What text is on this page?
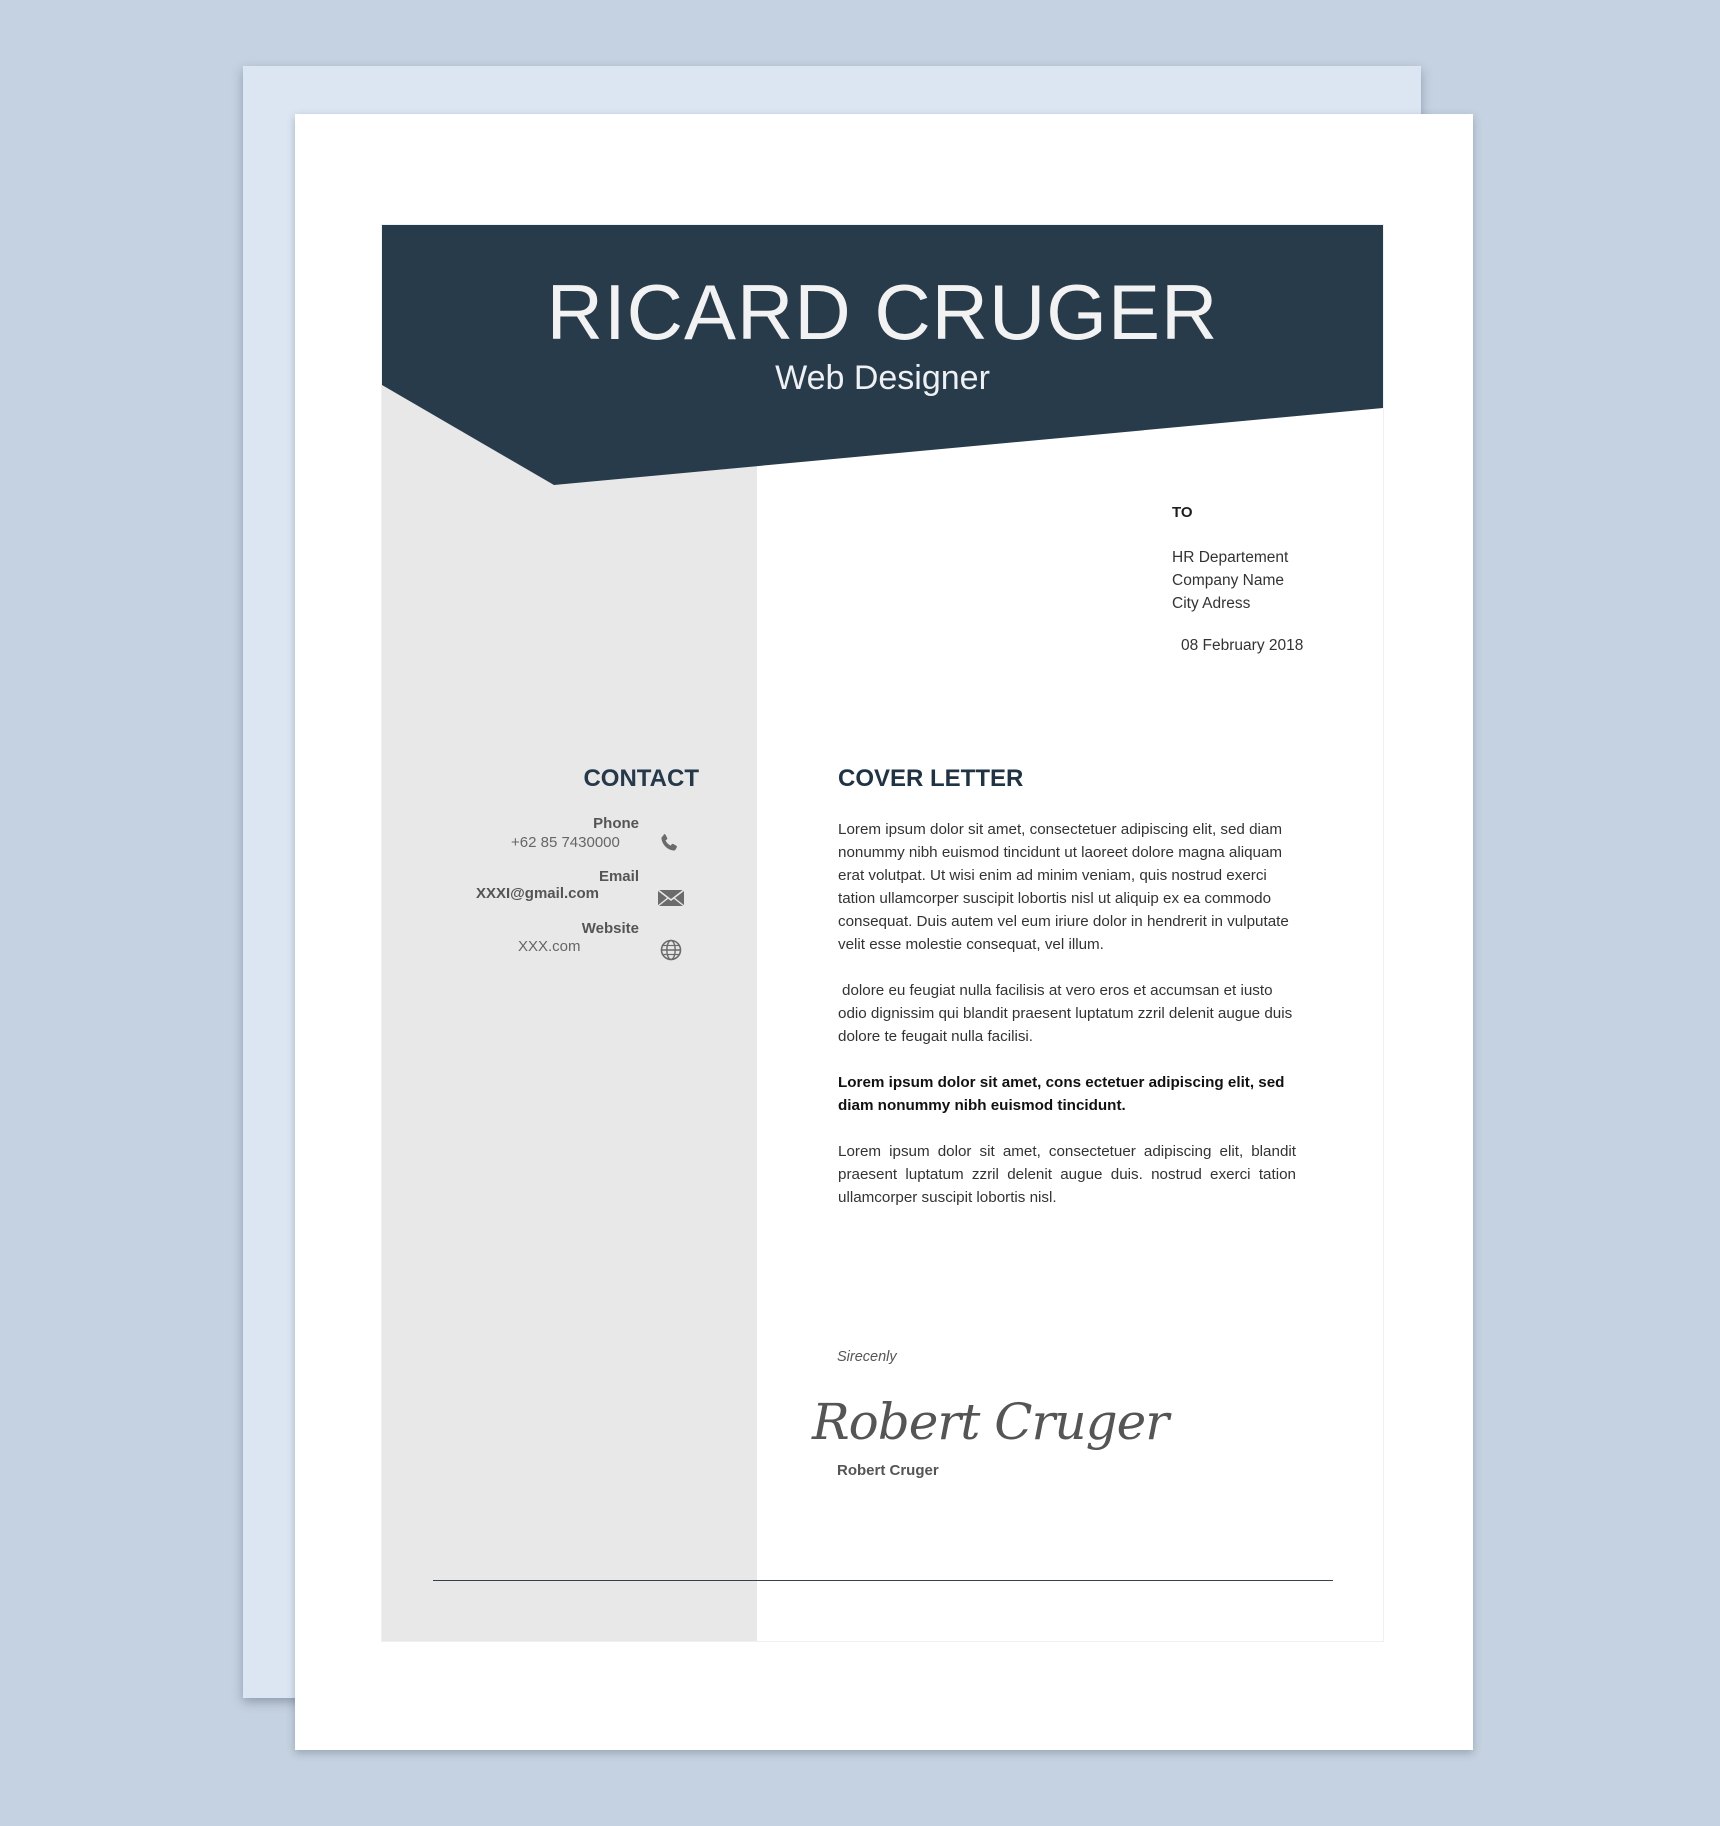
RICARD CRUGER
Web Designer
TO
HR Departement
Company Name
City Adress
08 February 2018
CONTACT
Phone
+62 85 7430000
Email
XXXI@gmail.com
Website
XXX.com
COVER LETTER

Lorem ipsum dolor sit amet, consectetuer adipiscing elit, sed diam nonummy nibh euismod tincidunt ut laoreet dolore magna aliquam erat volutpat. Ut wisi enim ad minim veniam, quis nostrud exerci tation ullamcorper suscipit lobortis nisl ut aliquip ex ea commodo consequat. Duis autem vel eum iriure dolor in hendrerit in vulputate velit esse molestie consequat, vel illum.

dolore eu feugiat nulla facilisis at vero eros et accumsan et iusto odio dignissim qui blandit praesent luptatum zzril delenit augue duis dolore te feugait nulla facilisi.

Lorem ipsum dolor sit amet, cons ectetuer adipiscing elit, sed diam nonummy nibh euismod tincidunt.

Lorem ipsum dolor sit amet, consectetuer adipiscing elit, blandit praesent luptatum zzril delenit augue duis. nostrud exerci tation ullamcorper suscipit lobortis nisl.

Sirecenly
Robert Cruger
Robert Cruger
